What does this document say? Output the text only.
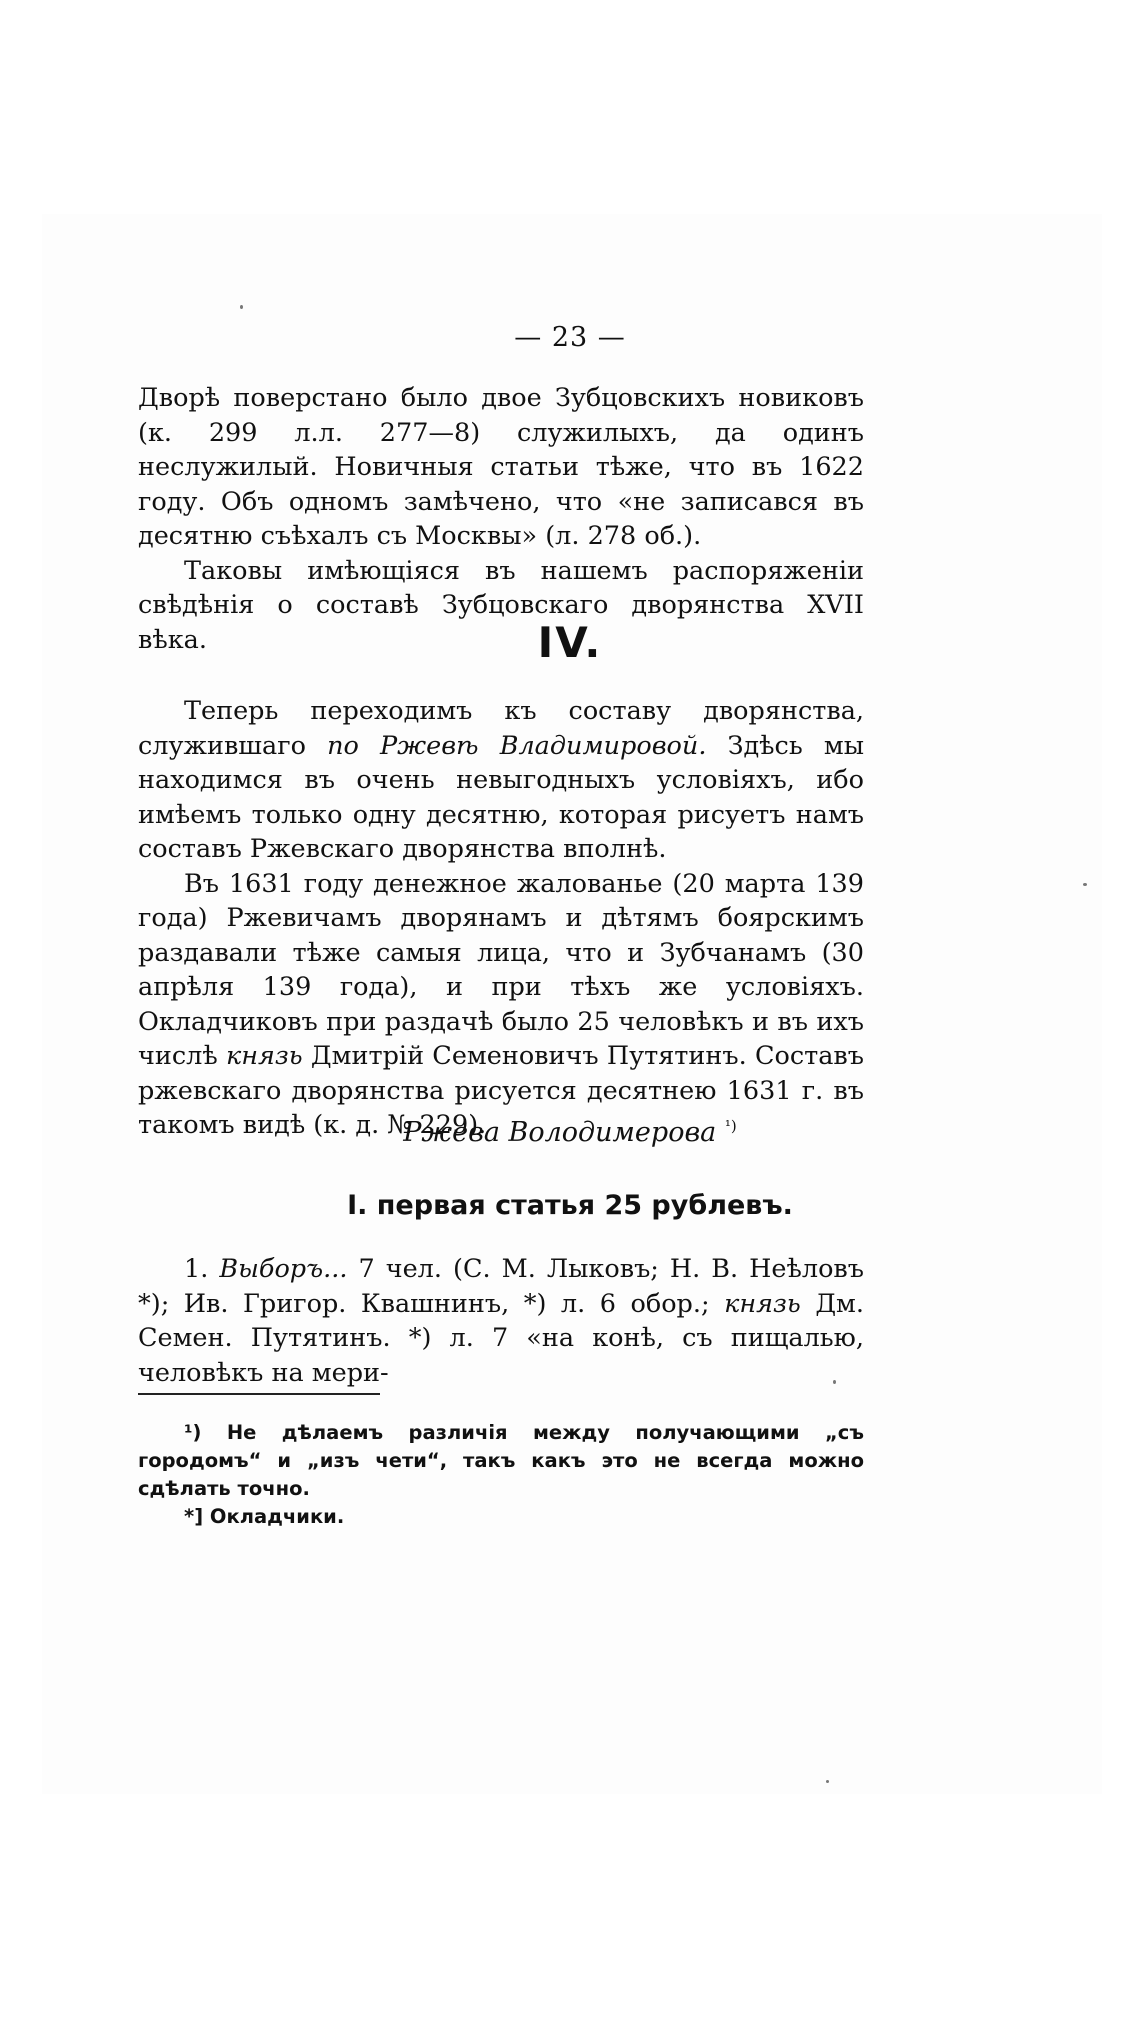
— 23 —

Дворѣ поверстано было двое Зубцовскихъ новиковъ (к. 299 л.л. 277—8) служилыхъ, да одинъ неслужилый. Новичныя статьи тѣже, что въ 1622 году. Объ одномъ замѣчено, что «не записався въ десятню съѣхалъ съ Москвы» (л. 278 об.).

Таковы имѣющіяся въ нашемъ распоряженіи свѣдѣнія о составѣ Зубцовскаго дворянства XVII вѣка.	IV.

Теперь переходимъ къ составу дворянства, служившаго по Ржевѣ Владимировой. Здѣсь мы находимся въ очень невыгодныхъ условіяхъ, ибо имѣемъ только одну десятню, которая рисуетъ намъ составъ Ржевскаго дворянства вполнѣ.

Въ 1631 году денежное жалованье (20 марта 139 года) Ржевичамъ дворянамъ и дѣтямъ боярскимъ раздавали тѣже самыя лица, что и Зубчанамъ (30 апрѣля 139 года), и при тѣхъ же условіяхъ. Окладчиковъ при раздачѣ было 25 человѣкъ и въ ихъ числѣ князь Дмитрій Семеновичъ Путятинъ. Составъ ржевскаго дворянства рисуется десятнею 1631 г. въ такомъ видѣ (к. д. № 229).

Ржева Володимерова $^{^1)}$
I. первая статья 25 рублевъ.

1. Выборъ... 7 чел. (С. М. Лыковъ; Н. В. Неѣловъ *); Ив. Григор. Квашнинъ, *) л. 6 обор.; князь Дм. Семен. Путятинъ. *) л. 7 «на конѣ, съ пищалью, человѣкъ на мери-

¹) Не дѣлаемъ различія между получающими „съ городомъ“ и „изъ чети“, такъ какъ это не всегда можно сдѣлать точно.

*] Окладчики.
